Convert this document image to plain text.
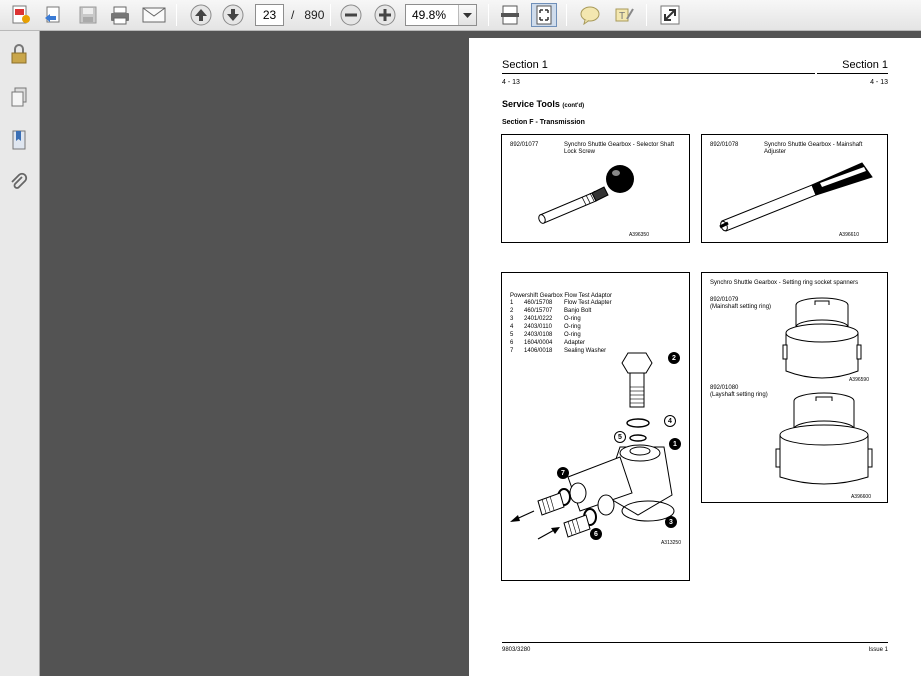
23	/ 890	49.8%	T
Section 1	Section 1
4 - 13	4 - 13
Service Tools (cont'd)
Section F - Transmission
892/01077	Synchro Shuttle Gearbox - Selector Shaft Lock Screw
A396350
892/01078	Synchro Shuttle Gearbox - Mainshaft Adjuster
A396610
Powershift Gearbox Flow Test Adaptor
1 460/15708 Flow Test Adapter
2 460/15707 Banjo Bolt
3 2401/0222 O-ring
4 2403/0110 O-ring
5 2403/0108 O-ring
6 1604/0004 Adapter
7 1406/0018 Sealing Washer
2
4
5
1
7
3
6
A313250
Synchro Shuttle Gearbox - Setting ring socket spanners
892/01079
(Mainshaft setting ring)
A396590
892/01080
(Layshaft setting ring)
A396600
9803/3280	Issue 1
